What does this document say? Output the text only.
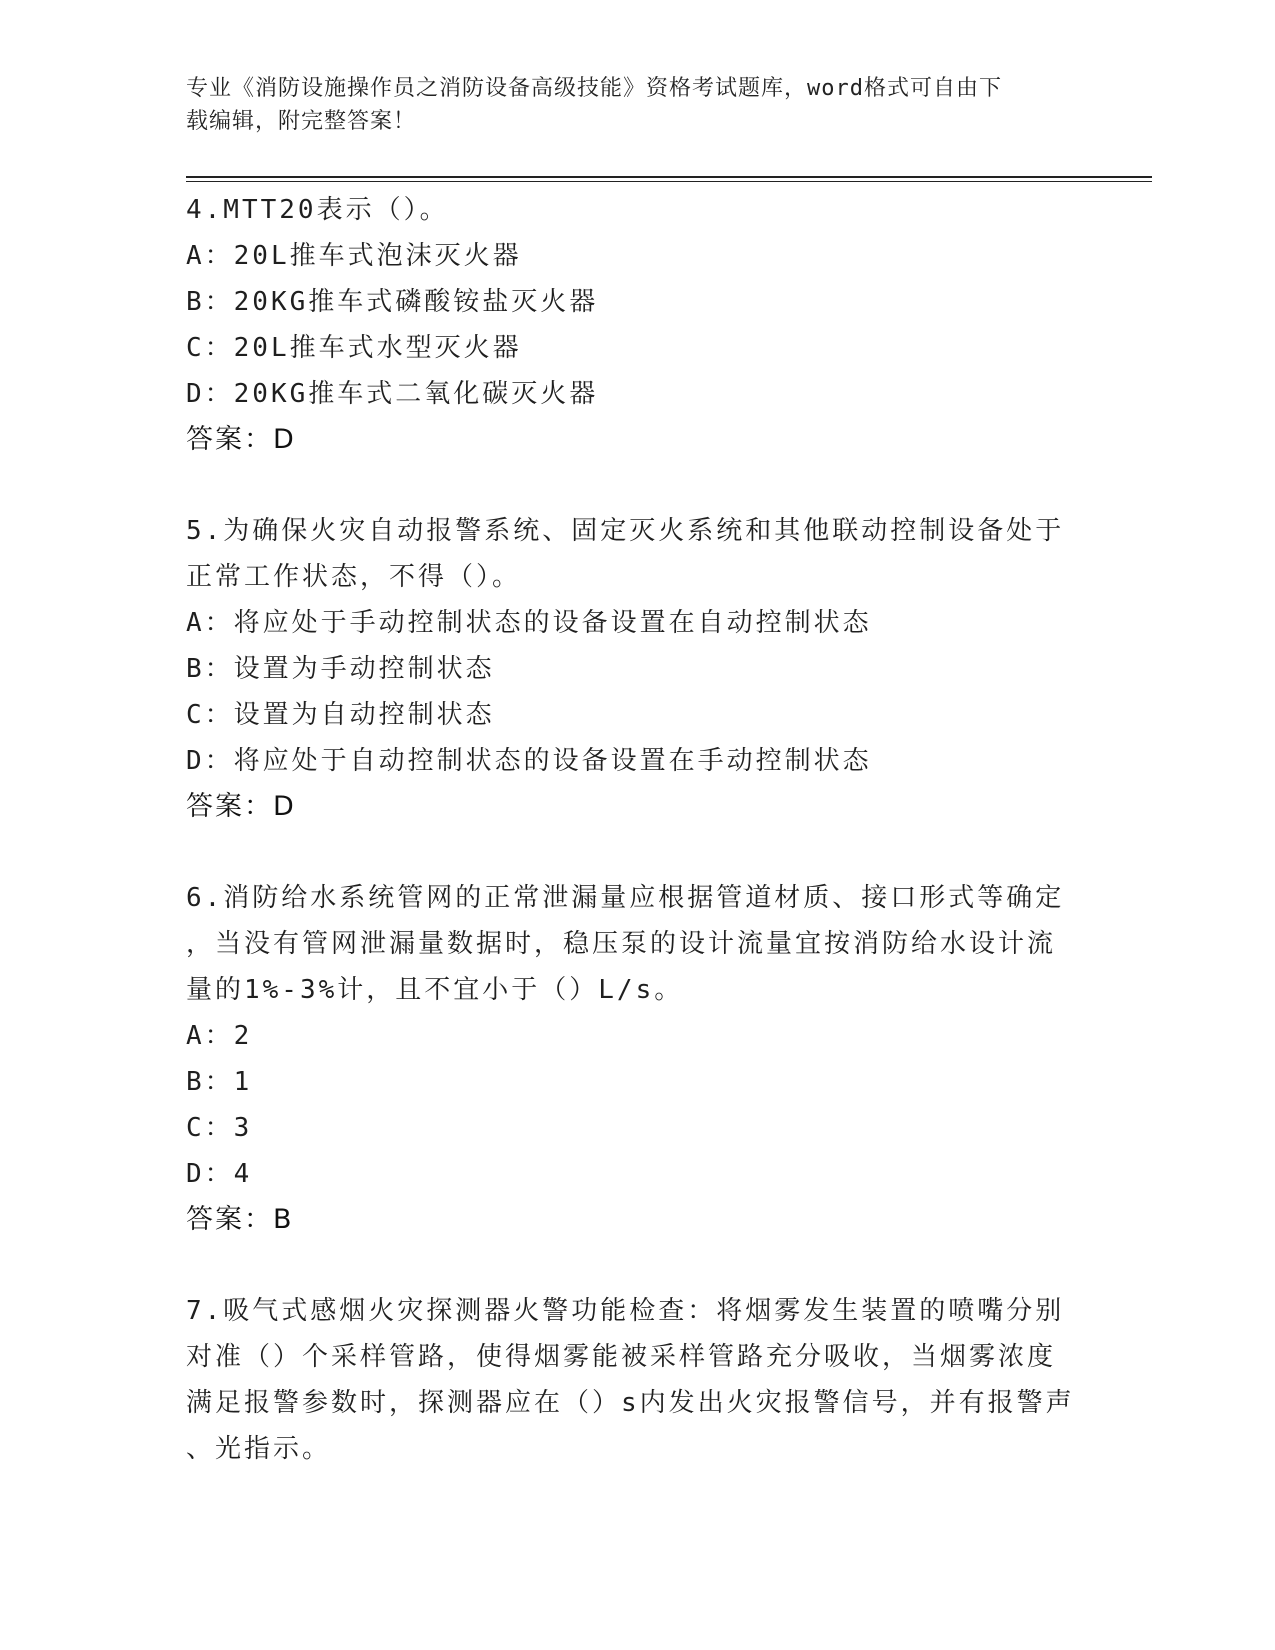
专业《消防设施操作员之消防设备高级技能》资格考试题库，word格式可自由下
载编辑，附完整答案！
4.MTT20表示（）。
A：20L推车式泡沫灭火器
B：20KG推车式磷酸铵盐灭火器
C：20L推车式水型灭火器
D：20KG推车式二氧化碳灭火器
答案：D
5.为确保火灾自动报警系统、固定灭火系统和其他联动控制设备处于
正常工作状态，不得（）。
A：将应处于手动控制状态的设备设置在自动控制状态
B：设置为手动控制状态
C：设置为自动控制状态
D：将应处于自动控制状态的设备设置在手动控制状态
答案：D
6.消防给水系统管网的正常泄漏量应根据管道材质、接口形式等确定
，当没有管网泄漏量数据时，稳压泵的设计流量宜按消防给水设计流
量的1%-3%计，且不宜小于（）L/s。
A：2
B：1
C：3
D：4
答案：B
7.吸气式感烟火灾探测器火警功能检查：将烟雾发生装置的喷嘴分别
对准（）个采样管路，使得烟雾能被采样管路充分吸收，当烟雾浓度
满足报警参数时，探测器应在（）s内发出火灾报警信号，并有报警声
、光指示。
